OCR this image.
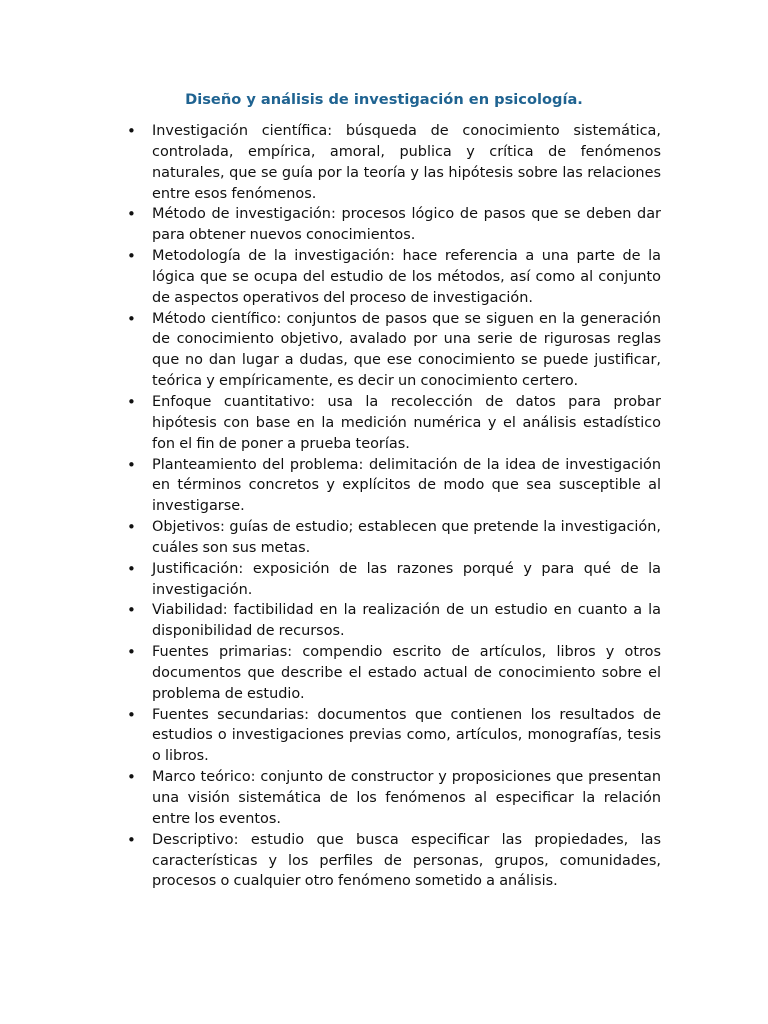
Diseño y análisis de investigación en psicología.
• Investigación científica: búsqueda de conocimiento sistemática, controlada, empírica, amoral, publica y crítica de fenómenos naturales, que se guía por la teoría y las hipótesis sobre las relaciones entre esos fenómenos.
• Método de investigación: procesos lógico de pasos que se deben dar para obtener nuevos conocimientos.
• Metodología de la investigación: hace referencia a una parte de la lógica que se ocupa del estudio de los métodos, así como al conjunto de aspectos operativos del proceso de investigación.
• Método científico: conjuntos de pasos que se siguen en la generación de conocimiento objetivo, avalado por una serie de rigurosas reglas que no dan lugar a dudas, que ese conocimiento se puede justificar, teórica y empíricamente, es decir un conocimiento certero.
• Enfoque cuantitativo: usa la recolección de datos para probar hipótesis con base en la medición numérica y el análisis estadístico fon el fin de poner a prueba teorías.
• Planteamiento del problema: delimitación de la idea de investigación en términos concretos y explícitos de modo que sea susceptible al investigarse.
• Objetivos: guías de estudio; establecen que pretende la investigación, cuáles son sus metas.
• Justificación: exposición de las razones porqué y para qué de la investigación.
• Viabilidad: factibilidad en la realización de un estudio en cuanto a la disponibilidad de recursos.
• Fuentes primarias: compendio escrito de artículos, libros y otros documentos que describe el estado actual de conocimiento sobre el problema de estudio.
• Fuentes secundarias: documentos que contienen los resultados de estudios o investigaciones previas como, artículos, monografías, tesis o libros.
• Marco teórico: conjunto de constructor y proposiciones que presentan una visión sistemática de los fenómenos al especificar la relación entre los eventos.
• Descriptivo: estudio que busca especificar las propiedades, las características y los perfiles de personas, grupos, comunidades, procesos o cualquier otro fenómeno sometido a análisis.
